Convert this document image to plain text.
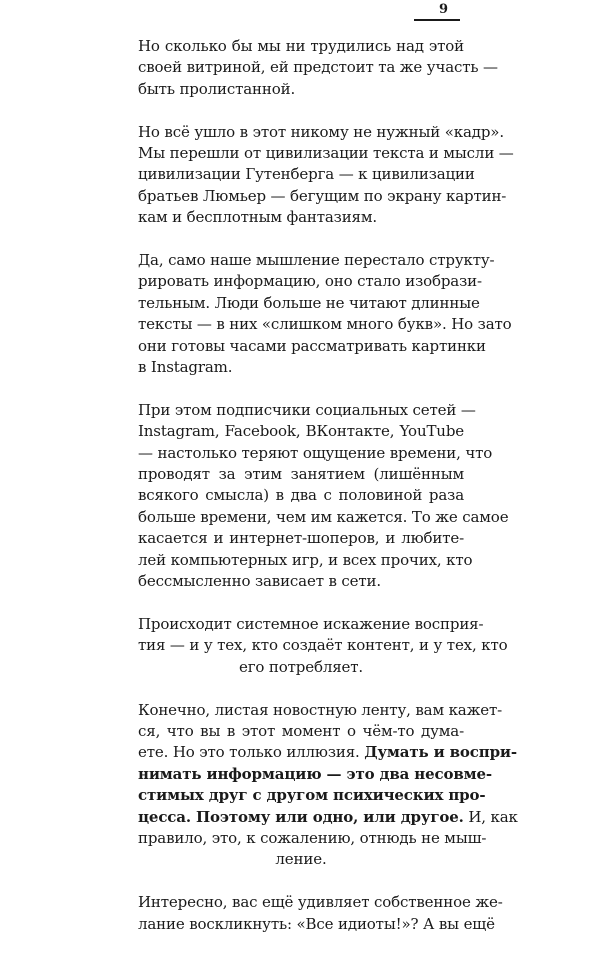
9

Но сколько бы мы ни трудились над этой
своей витриной, ей предстоит та же участь —
быть пролистанной.

Но всё ушло в этот никому не нужный «кадр».
Мы перешли от цивилизации текста и мысли —
цивилизации Гутенберга — к цивилизации
братьев Люмьер — бегущим по экрану картин-
кам и бесплотным фантазиям.

Да, само наше мышление перестало структу-
рировать информацию, оно стало изобрази-
тельным. Люди больше не читают длинные
тексты — в них «слишком много букв». Но зато
они готовы часами рассматривать картинки
в Instagram.

При этом подписчики социальных сетей —
Instagram, Facebook, ВКонтакте, YouTube
— настолько теряют ощущение времени, что
проводят за этим занятием (лишённым
всякого смысла) в два с половиной раза
больше времени, чем им кажется. То же самое
касается и интернет-шоперов, и любите-
лей компьютерных игр, и всех прочих, кто
бессмысленно зависает в сети.

Происходит системное искажение восприя-
тия — и у тех, кто создаёт контент, и у тех, кто
его потребляет.

Конечно, листая новостную ленту, вам кажет-
ся, что вы в этот момент о чём-то дума-
ете. Но это только иллюзия. Думать и воспри-
нимать информацию — это два несовме-
стимых друг с другом психических про-
цесса. Поэтому или одно, или другое. И, как
правило, это, к сожалению, отнюдь не мыш-
ление.

Интересно, вас ещё удивляет собственное же-
лание воскликнуть: «Все идиоты!»? А вы ещё
